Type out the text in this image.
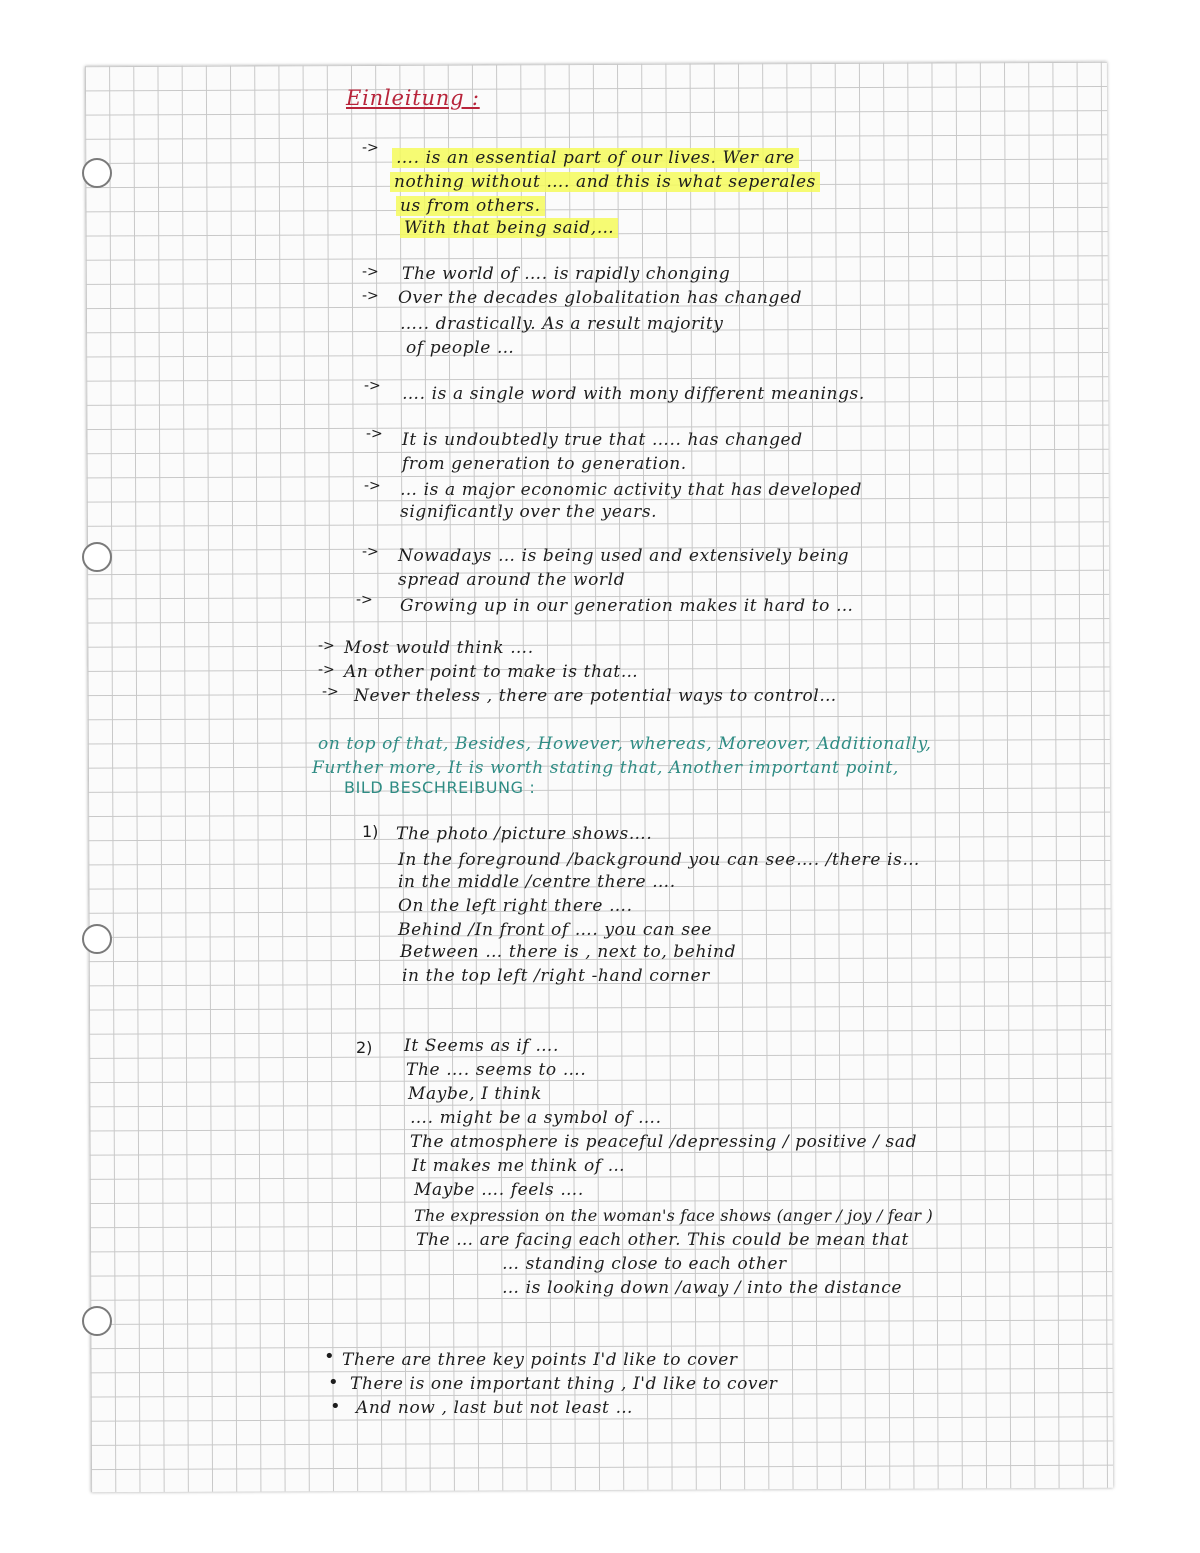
Einleitung :
->
->
->
->
->
->
->
->
->
->
->
…. is an essential part of our lives. Wer are
nothing without …. and this is what seperales
us from others.
With that being said,…
The world of …. is rapidly chonging
Over the decades globalitation has changed
….. drastically. As a result majority
of people …
…. is a single word with mony different meanings.
It is undoubtedly true that ….. has changed
from generation to generation.
… is a major economic activity that has developed
significantly over the years.
Nowadays … is being used and extensively being
spread around the world
Growing up in our generation makes it hard to …
Most would think ….
An other point to make is that…
Never theless , there are potential ways to control…
on top of that, Besides, However, whereas, Moreover, Additionally,
Further more, It is worth stating that, Another important point,
BILD BESCHREIBUNG :
1) The photo /picture shows….
In the foreground /background you can see…. /there is…
in the middle /centre there ….
On the left right there ….
Behind /In front of …. you can see
Between … there is , next to, behind
in the top left /right -hand corner
2) It Seems as if ….
The …. seems to ….
Maybe, I think
…. might be a symbol of ….
The atmosphere is peaceful /depressing / positive / sad
It makes me think of …
Maybe …. feels ….
The expression on the woman's face shows (anger / joy / fear )
The … are facing each other. This could be mean that
… standing close to each other
… is looking down /away / into the distance
•
•
•
There are three key points I'd like to cover
There is one important thing , I'd like to cover
And now , last but not least …
